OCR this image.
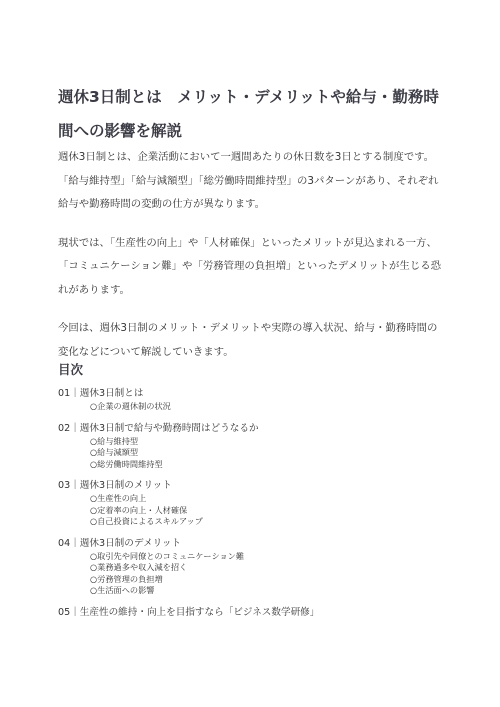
週休3日制とは　メリット・デメリットや給与・勤務時間への影響を解説

週休3日制とは、企業活動において一週間あたりの休日数を3日とする制度です。「給与維持型」「給与減額型」「総労働時間維持型」の3パターンがあり、それぞれ給与や勤務時間の変動の仕方が異なります。

現状では、「生産性の向上」や「人材確保」といったメリットが見込まれる一方、「コミュニケーション難」や「労務管理の負担増」といったデメリットが生じる恐れがあります。

今回は、週休3日制のメリット・デメリットや実際の導入状況、給与・勤務時間の変化などについて解説していきます。

目次
01｜週休3日制とは
○企業の週休制の状況
02｜週休3日制で給与や勤務時間はどうなるか
○給与維持型
○給与減額型
○総労働時間維持型
03｜週休3日制のメリット
○生産性の向上
○定着率の向上・人材確保
○自己投資によるスキルアップ
04｜週休3日制のデメリット
○取引先や同僚とのコミュニケーション難
○業務過多や収入減を招く
○労務管理の負担増
○生活面への影響
05｜生産性の維持・向上を目指すなら「ビジネス数学研修」
